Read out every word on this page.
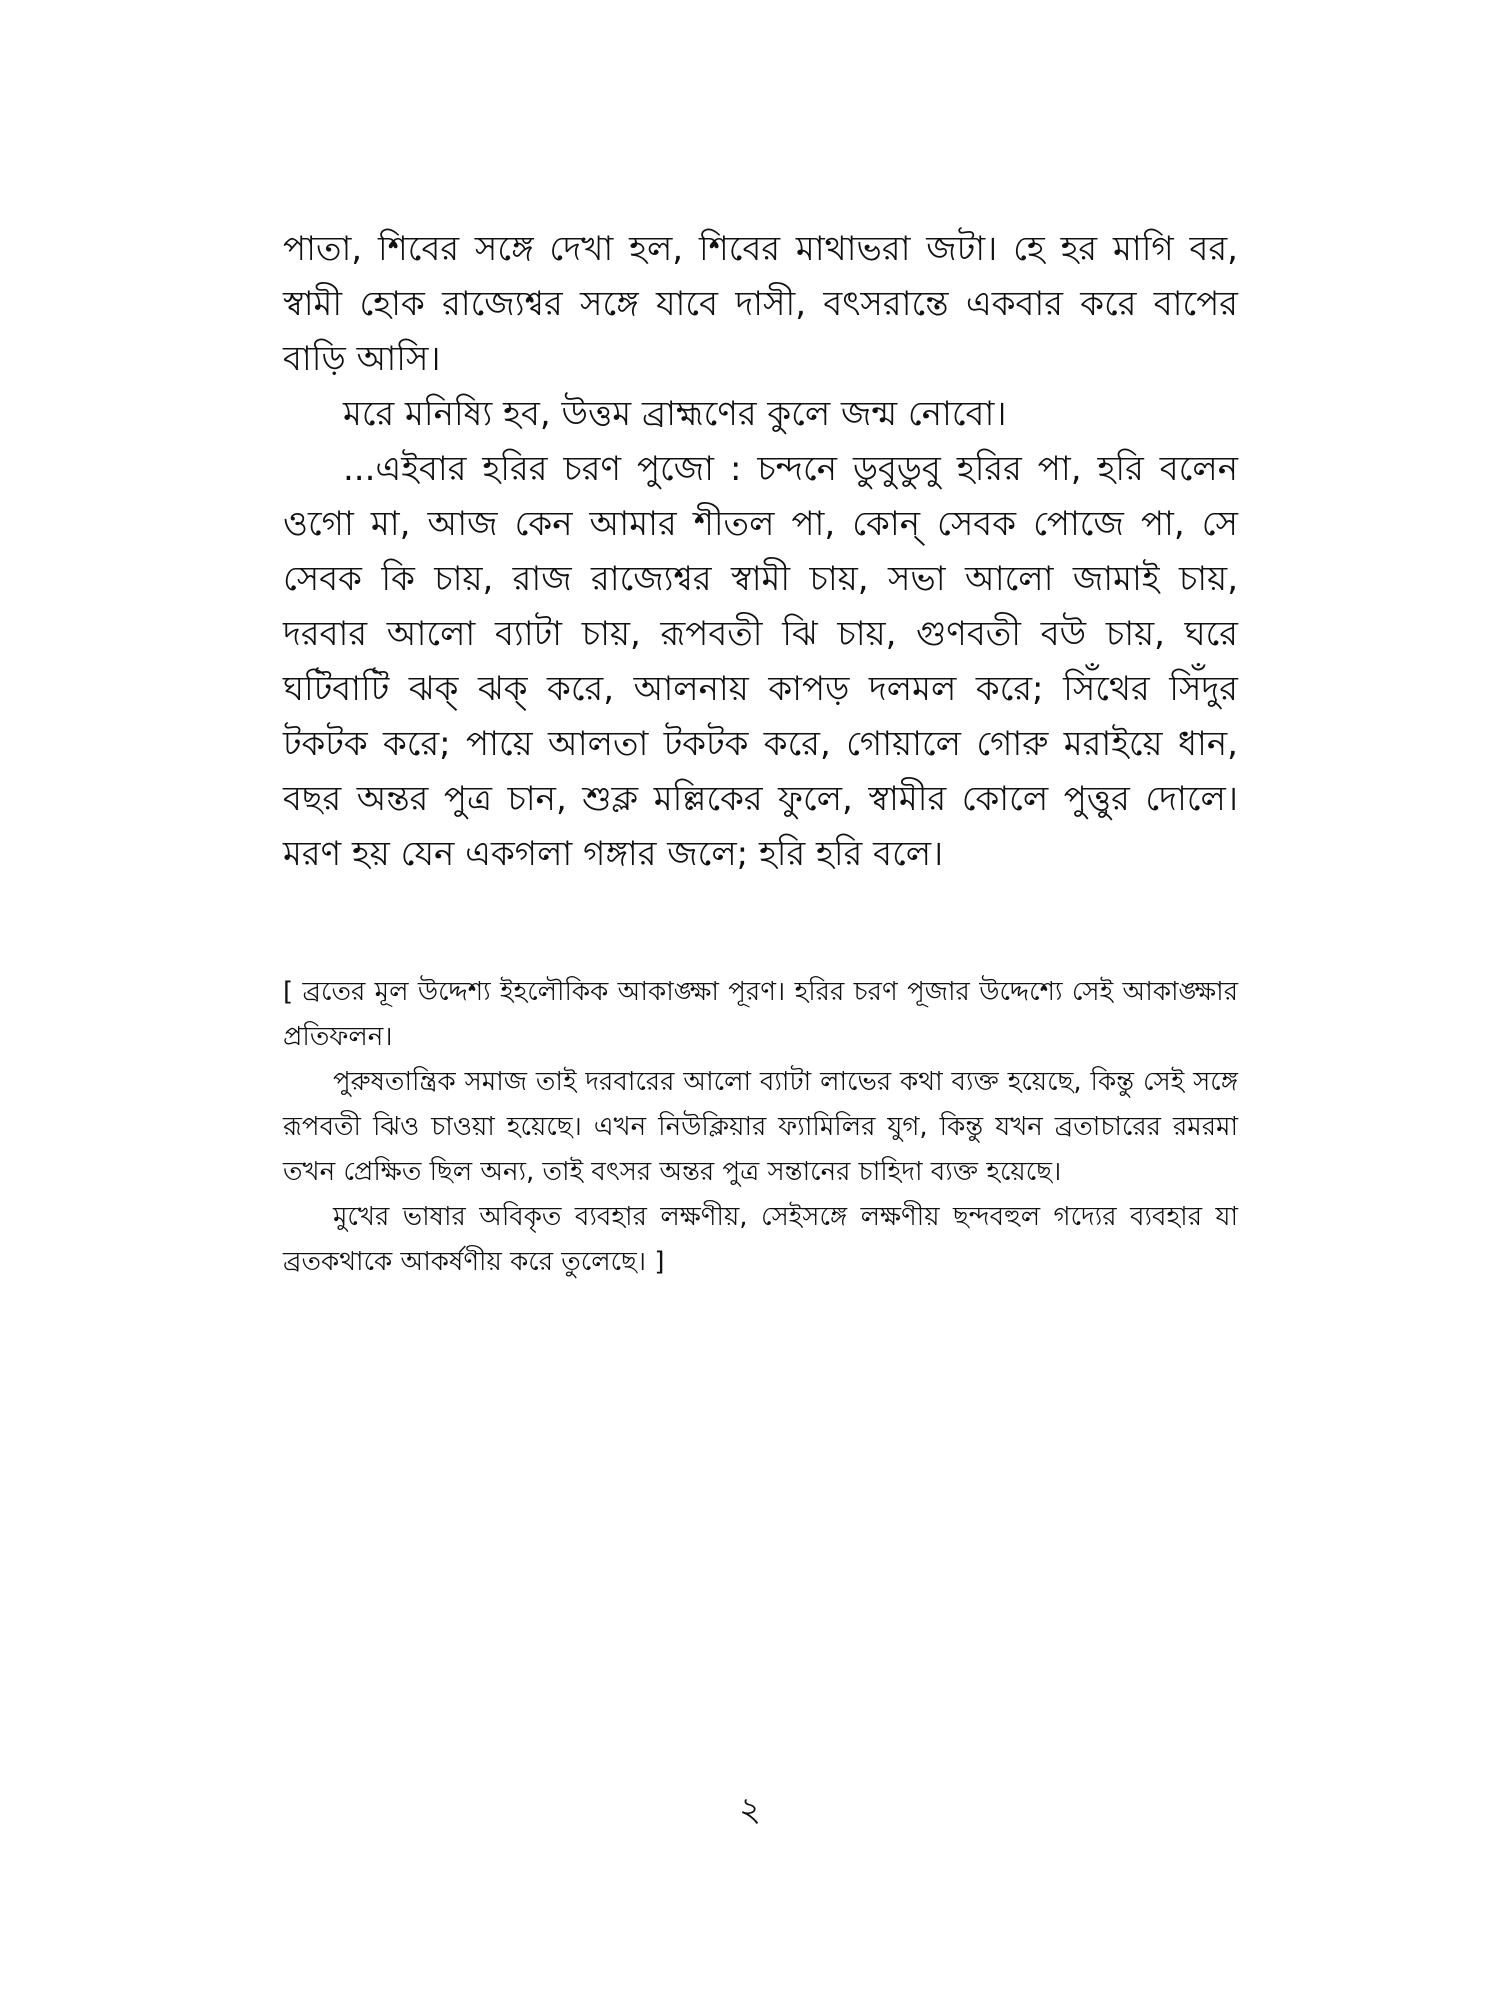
পাতা, শিবের সঙ্গে দেখা হল, শিবের মাথাভরা জটা। হে হর মাগি বর, স্বামী হোক রাজ্যেশ্বর সঙ্গে যাবে দাসী, বৎসরান্তে একবার করে বাপের বাড়ি আসি।

মরে মনিষ্যি হব, উত্তম ব্রাহ্মণের কুলে জন্ম নোবো।

...এইবার হরির চরণ পুজো : চন্দনে ডুবুডুবু হরির পা, হরি বলেন ওগো মা, আজ কেন আমার শীতল পা, কোন্ সেবক পোজে পা, সে সেবক কি চায়, রাজ রাজ্যেশ্বর স্বামী চায়, সভা আলো জামাই চায়, দরবার আলো ব্যাটা চায়, রূপবতী ঝি চায়, গুণবতী বউ চায়, ঘরে ঘটিবাটি ঝক্ ঝক্ করে, আলনায় কাপড় দলমল করে; সিঁথের সিঁদুর টকটক করে; পায়ে আলতা টকটক করে, গোয়ালে গোরু মরাইয়ে ধান, বছর অন্তর পুত্র চান, শুক্ল মল্লিকের ফুলে, স্বামীর কোলে পুত্তুর দোলে। মরণ হয় যেন একগলা গঙ্গার জলে; হরি হরি বলে।

[ ব্রতের মূল উদ্দেশ্য ইহলৌকিক আকাঙ্ক্ষা পূরণ। হরির চরণ পূজার উদ্দেশ্যে সেই আকাঙ্ক্ষার প্রতিফলন।

পুরুষতান্ত্রিক সমাজ তাই দরবারের আলো ব্যাটা লাভের কথা ব্যক্ত হয়েছে, কিন্তু সেই সঙ্গে রূপবতী ঝিও চাওয়া হয়েছে। এখন নিউক্লিয়ার ফ্যামিলির যুগ, কিন্তু যখন ব্রতাচারের রমরমা তখন প্রেক্ষিত ছিল অন্য, তাই বৎসর অন্তর পুত্র সন্তানের চাহিদা ব্যক্ত হয়েছে।

মুখের ভাষার অবিকৃত ব্যবহার লক্ষণীয়, সেইসঙ্গে লক্ষণীয় ছন্দবহুল গদ্যের ব্যবহার যা ব্রতকথাকে আকর্ষণীয় করে তুলেছে। ]

২
